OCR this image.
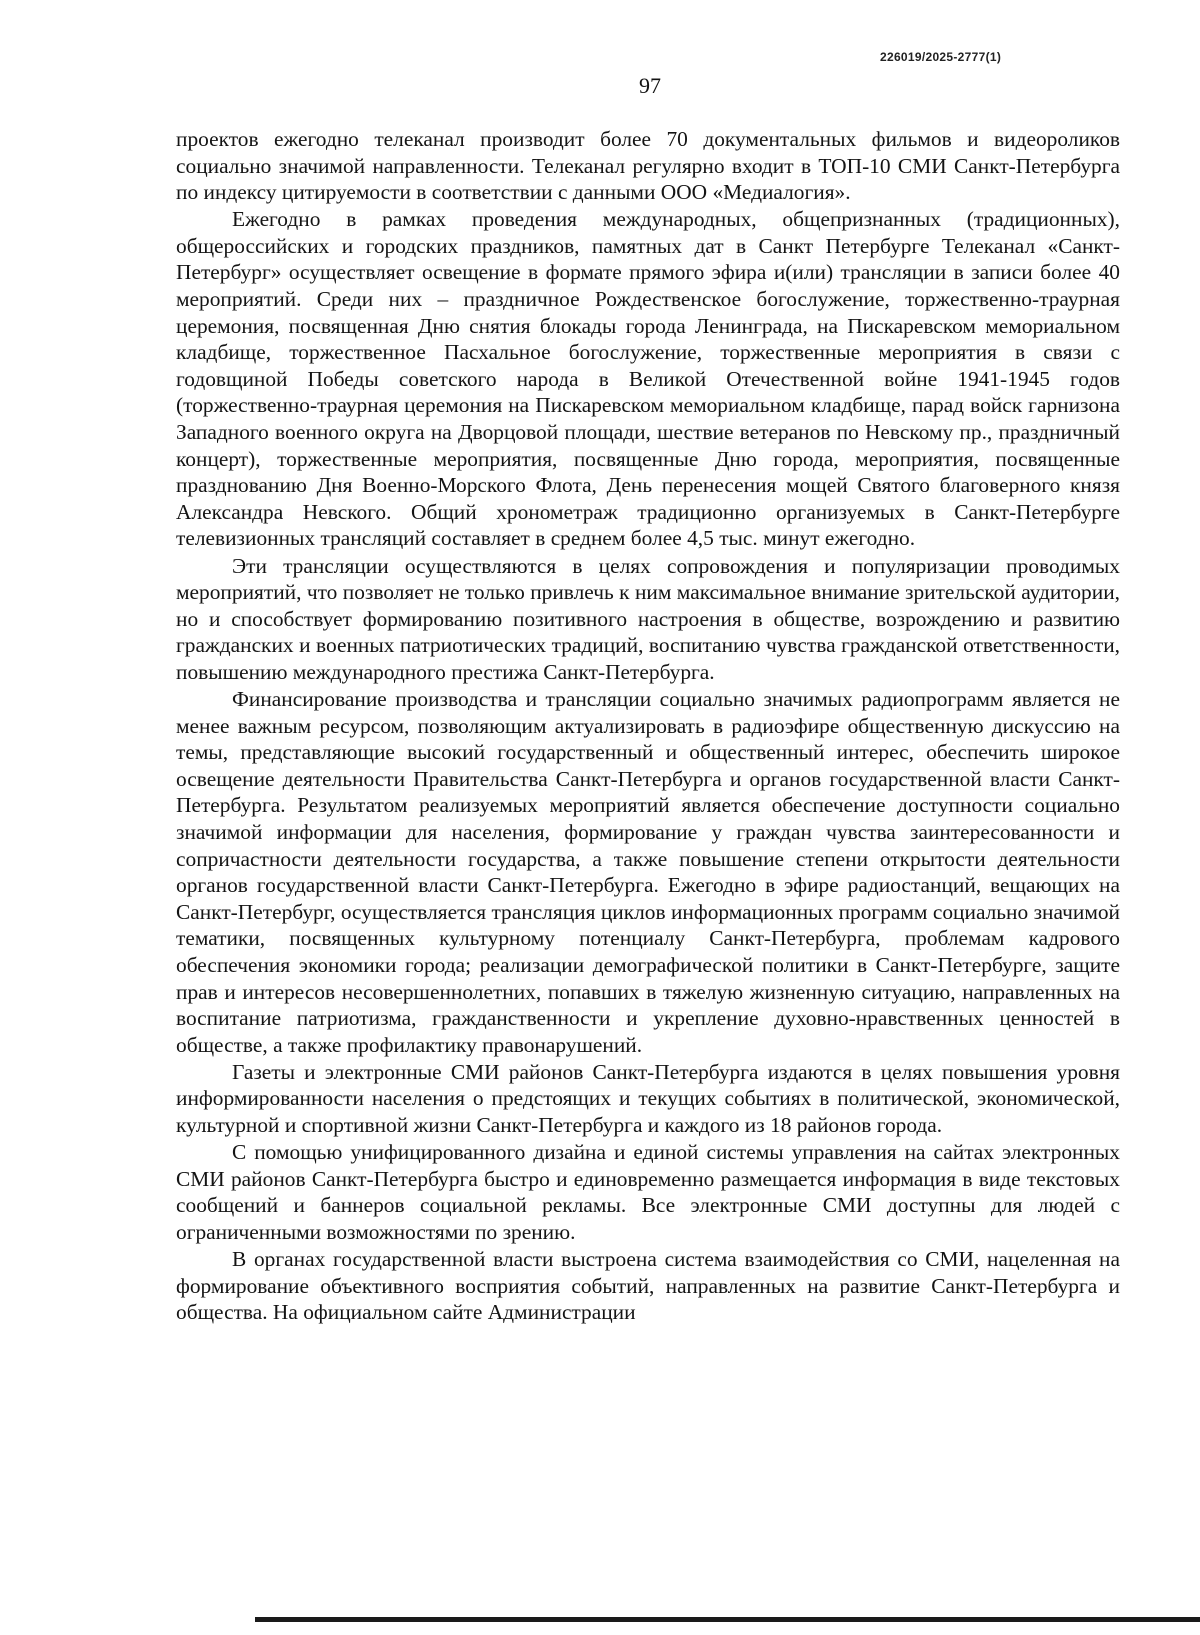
226019/2025-2777(1)
97

проектов ежегодно телеканал производит более 70 документальных фильмов и видеороликов социально значимой направленности. Телеканал регулярно входит в ТОП-10 СМИ Санкт-Петербурга по индексу цитируемости в соответствии с данными ООО «Медиалогия».

Ежегодно в рамках проведения международных, общепризнанных (традиционных), общероссийских и городских праздников, памятных дат в Санкт Петербурге Телеканал «Санкт-Петербург» осуществляет освещение в формате прямого эфира и(или) трансляции в записи более 40 мероприятий. Среди них – праздничное Рождественское богослужение, торжественно-траурная церемония, посвященная Дню снятия блокады города Ленинграда, на Пискаревском мемориальном кладбище, торжественное Пасхальное богослужение, торжественные мероприятия в связи с годовщиной Победы советского народа в Великой Отечественной войне 1941-1945 годов (торжественно-траурная церемония на Пискаревском мемориальном кладбище, парад войск гарнизона Западного военного округа на Дворцовой площади, шествие ветеранов по Невскому пр., праздничный концерт), торжественные мероприятия, посвященные Дню города, мероприятия, посвященные празднованию Дня Военно-Морского Флота, День перенесения мощей Святого благоверного князя Александра Невского. Общий хронометраж традиционно организуемых в Санкт-Петербурге телевизионных трансляций составляет в среднем более 4,5 тыс. минут ежегодно.

Эти трансляции осуществляются в целях сопровождения и популяризации проводимых мероприятий, что позволяет не только привлечь к ним максимальное внимание зрительской аудитории, но и способствует формированию позитивного настроения в обществе, возрождению и развитию гражданских и военных патриотических традиций, воспитанию чувства гражданской ответственности, повышению международного престижа Санкт-Петербурга.

Финансирование производства и трансляции социально значимых радиопрограмм является не менее важным ресурсом, позволяющим актуализировать в радиоэфире общественную дискуссию на темы, представляющие высокий государственный и общественный интерес, обеспечить широкое освещение деятельности Правительства Санкт-Петербурга и органов государственной власти Санкт-Петербурга. Результатом реализуемых мероприятий является обеспечение доступности социально значимой информации для населения, формирование у граждан чувства заинтересованности и сопричастности деятельности государства, а также повышение степени открытости деятельности органов государственной власти Санкт-Петербурга. Ежегодно в эфире радиостанций, вещающих на Санкт-Петербург, осуществляется трансляция циклов информационных программ социально значимой тематики, посвященных культурному потенциалу Санкт-Петербурга, проблемам кадрового обеспечения экономики города; реализации демографической политики в Санкт-Петербурге, защите прав и интересов несовершеннолетних, попавших в тяжелую жизненную ситуацию, направленных на воспитание патриотизма, гражданственности и укрепление духовно-нравственных ценностей в обществе, а также профилактику правонарушений.

Газеты и электронные СМИ районов Санкт-Петербурга издаются в целях повышения уровня информированности населения о предстоящих и текущих событиях в политической, экономической, культурной и спортивной жизни Санкт-Петербурга и каждого из 18 районов города.

С помощью унифицированного дизайна и единой системы управления на сайтах электронных СМИ районов Санкт-Петербурга быстро и единовременно размещается информация в виде текстовых сообщений и баннеров социальной рекламы. Все электронные СМИ доступны для людей с ограниченными возможностями по зрению.

В органах государственной власти выстроена система взаимодействия со СМИ, нацеленная на формирование объективного восприятия событий, направленных на развитие Санкт-Петербурга и общества. На официальном сайте Администрации
